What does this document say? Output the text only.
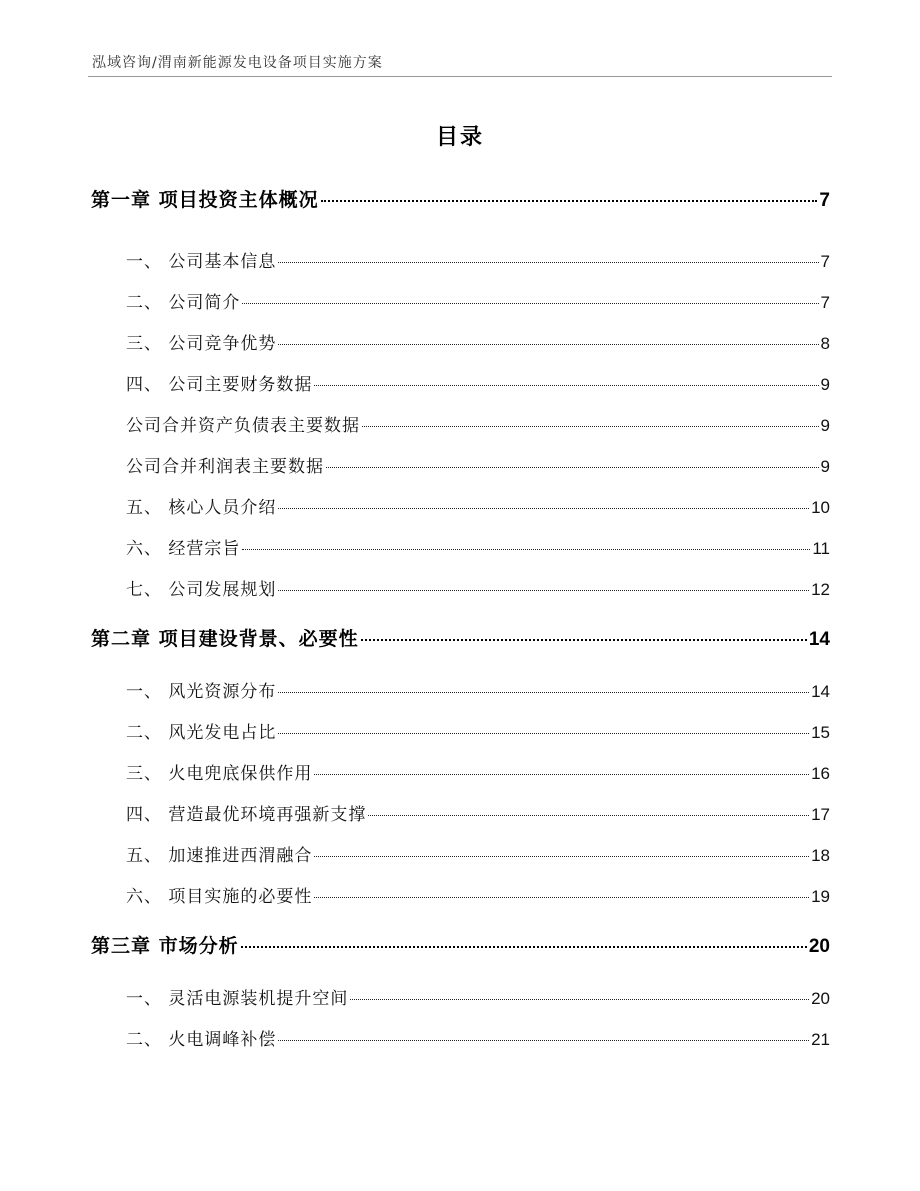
泓域咨询/渭南新能源发电设备项目实施方案
目录
第一章 项目投资主体概况	7
一、 公司基本信息	7
二、 公司简介	7
三、 公司竞争优势	8
四、 公司主要财务数据	9
公司合并资产负债表主要数据	9
公司合并利润表主要数据	9
五、 核心人员介绍	10
六、 经营宗旨	11
七、 公司发展规划	12
第二章 项目建设背景、必要性	14
一、 风光资源分布	14
二、 风光发电占比	15
三、 火电兜底保供作用	16
四、 营造最优环境再强新支撑	17
五、 加速推进西渭融合	18
六、 项目实施的必要性	19
第三章 市场分析	20
一、 灵活电源装机提升空间	20
二、 火电调峰补偿	21
